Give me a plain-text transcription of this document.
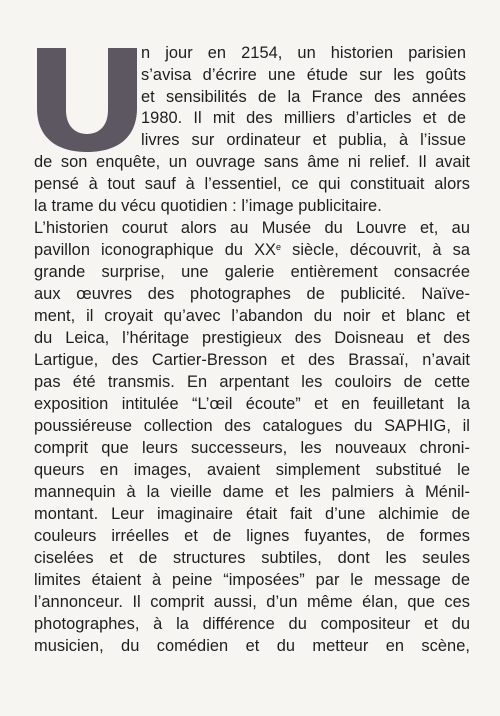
n jour en 2154, un historien parisien
s’avisa d’écrire une étude sur les goûts
et sensibilités de la France des années
1980. Il mit des milliers d’articles et de
livres sur ordinateur et publia, à l’issue
de son enquête, un ouvrage sans âme ni relief. Il avait
pensé à tout sauf à l’essentiel, ce qui constituait alors
la trame du vécu quotidien : l’image publicitaire.
L’historien courut alors au Musée du Louvre et, au
pavillon iconographique du XXe siècle, découvrit, à sa
grande surprise, une galerie entièrement consacrée
aux œuvres des photographes de publicité. Naïve-
ment, il croyait qu’avec l’abandon du noir et blanc et
du Leica, l’héritage prestigieux des Doisneau et des
Lartigue, des Cartier-Bresson et des Brassaï, n’avait
pas été transmis. En arpentant les couloirs de cette
exposition intitulée “L’œil écoute” et en feuilletant la
poussiéreuse collection des catalogues du SAPHIG, il
comprit que leurs successeurs, les nouveaux chroni-
queurs en images, avaient simplement substitué le
mannequin à la vieille dame et les palmiers à Ménil-
montant. Leur imaginaire était fait d’une alchimie de
couleurs irréelles et de lignes fuyantes, de formes
ciselées et de structures subtiles, dont les seules
limites étaient à peine “imposées” par le message de
l’annonceur. Il comprit aussi, d’un même élan, que ces
photographes, à la différence du compositeur et du
musicien, du comédien et du metteur en scène,
